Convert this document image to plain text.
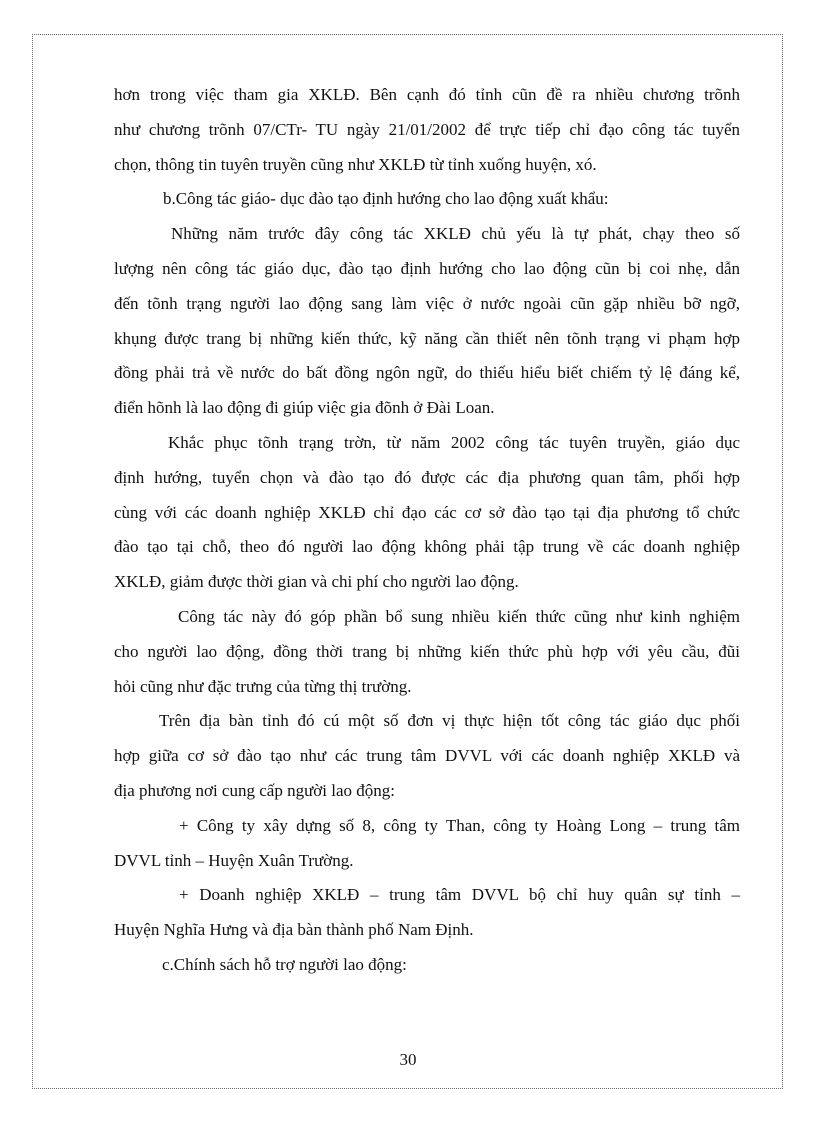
hơn trong việc tham gia XKLĐ. Bên cạnh đó tỉnh cũn đề ra nhiều chương trõnh
như chương trõnh 07/CTr- TU ngày 21/01/2002 để trực tiếp chỉ đạo công tác tuyển
chọn, thông tin tuyên truyền cũng như XKLĐ từ tỉnh xuống huyện, xó.
b.Công tác giáo- dục đào tạo định hướng cho lao động xuất khẩu:
Những năm trước đây công tác XKLĐ chủ yếu là tự phát, chạy theo số
lượng nên công tác giáo dục, đào tạo định hướng cho lao động cũn bị coi nhẹ, dẫn
đến tõnh trạng người lao động sang làm việc ở nước ngoài cũn gặp nhiều bỡ ngỡ,
khụng được trang bị những kiến thức, kỹ năng cần thiết nên tõnh trạng vi phạm hợp
đồng phải trả về nước do bất đồng ngôn ngữ, do thiếu hiểu biết chiếm tỷ lệ đáng kể,
điển hõnh là lao động đi giúp việc gia đõnh ở Đài Loan.
Khắc phục tõnh trạng trờn, từ năm 2002 công tác tuyên truyền, giáo dục
định hướng, tuyển chọn và đào tạo đó được các địa phương quan tâm, phối hợp
cùng với các doanh nghiệp XKLĐ chỉ đạo các cơ sở đào tạo tại địa phương tổ chức
đào tạo tại chỗ, theo đó người lao động không phải tập trung về các doanh nghiệp
XKLĐ, giảm được thời gian và chi phí cho người lao động.
Công tác này đó góp phần bổ sung nhiều kiến thức cũng như kinh nghiệm
cho người lao động, đồng thời trang bị những kiến thức phù hợp với yêu cầu, đũi
hỏi cũng như đặc trưng của từng thị trường.
Trên địa bàn tỉnh đó cú một số đơn vị thực hiện tốt công tác giáo dục phối
hợp giữa cơ sở đào tạo như các trung tâm DVVL với các doanh nghiệp XKLĐ và
địa phương nơi cung cấp người lao động:
+ Công ty xây dựng số 8, công ty Than, công ty Hoàng Long – trung tâm
DVVL tỉnh – Huyện Xuân Trường.
+ Doanh nghiệp XKLĐ – trung tâm DVVL bộ chỉ huy quân sự tỉnh –
Huyện Nghĩa Hưng và địa bàn thành phố Nam Định.
c.Chính sách hỗ trợ người lao động:
30
